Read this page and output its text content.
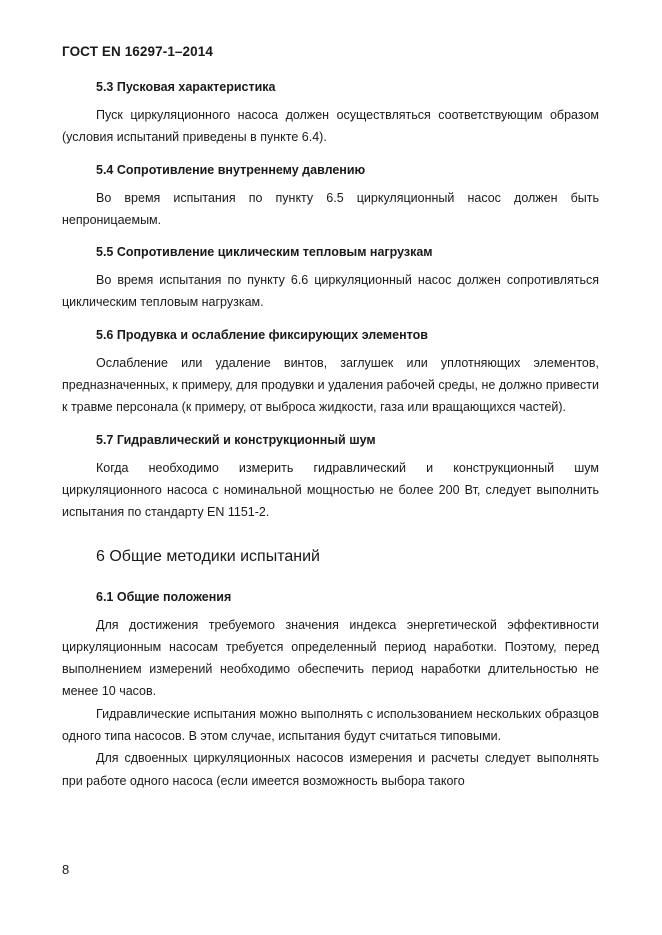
ГОСТ EN 16297-1–2014
5.3 Пусковая характеристика
Пуск циркуляционного насоса должен осуществляться соответствующим образом (условия испытаний приведены в пункте 6.4).
5.4 Сопротивление внутреннему давлению
Во время испытания по пункту 6.5 циркуляционный насос должен быть непроницаемым.
5.5 Сопротивление циклическим тепловым нагрузкам
Во время испытания по пункту 6.6 циркуляционный насос должен сопротивляться циклическим тепловым нагрузкам.
5.6 Продувка и ослабление фиксирующих элементов
Ослабление или удаление винтов, заглушек или уплотняющих элементов, предназначенных, к примеру, для продувки и удаления рабочей среды, не должно привести к травме персонала (к примеру, от выброса жидкости, газа или вращающихся частей).
5.7 Гидравлический и конструкционный шум
Когда необходимо измерить гидравлический и конструкционный шум циркуляционного насоса с номинальной мощностью не более 200 Вт, следует выполнить испытания по стандарту EN 1151-2.
6 Общие методики испытаний
6.1 Общие положения
Для достижения требуемого значения индекса энергетической эффективности циркуляционным насосам требуется определенный период наработки. Поэтому, перед выполнением измерений необходимо обеспечить период наработки длительностью не менее 10 часов.
Гидравлические испытания можно выполнять с использованием нескольких образцов одного типа насосов. В этом случае, испытания будут считаться типовыми.
Для сдвоенных циркуляционных насосов измерения и расчеты следует выполнять при работе одного насоса (если имеется возможность выбора такого
8
